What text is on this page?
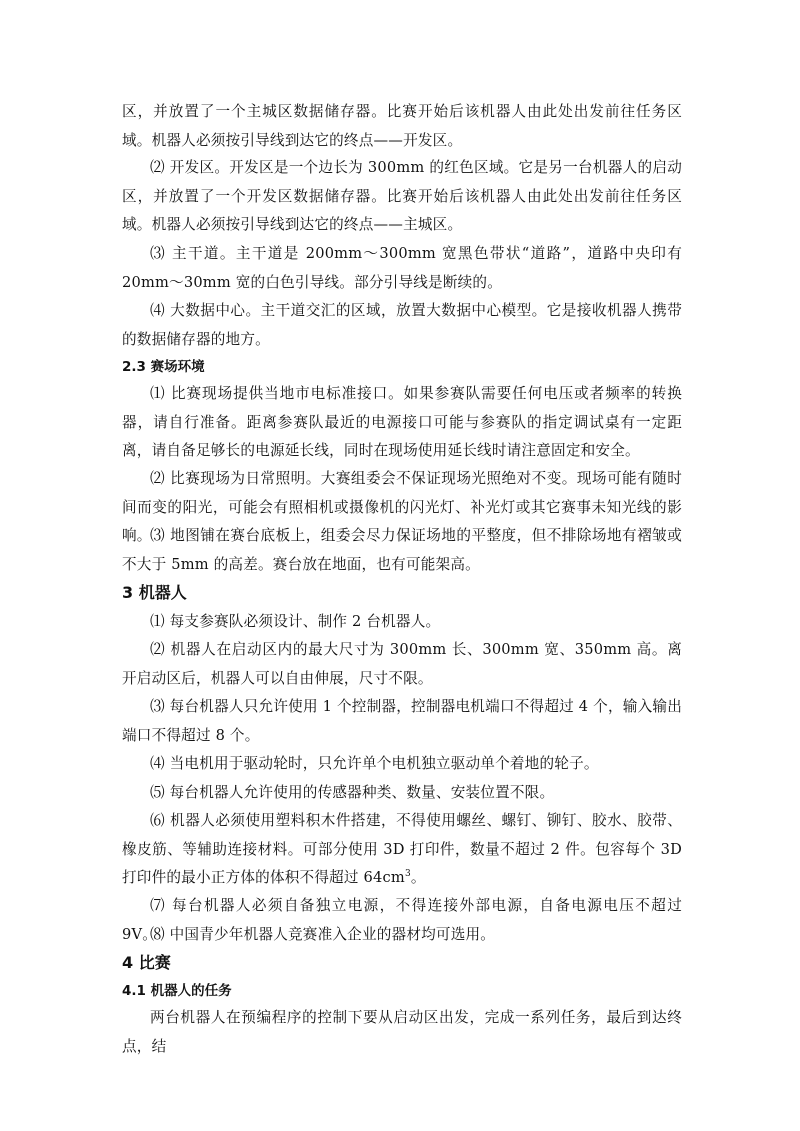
区，并放置了一个主城区数据储存器。比赛开始后该机器人由此处出发前往任务区域。机器人必须按引导线到达它的终点——开发区。

⑵ 开发区。开发区是一个边长为 300mm 的红色区域。它是另一台机器人的启动区，并放置了一个开发区数据储存器。比赛开始后该机器人由此处出发前往任务区域。机器人必须按引导线到达它的终点——主城区。

⑶ 主干道。主干道是 200mm～300mm 宽黑色带状“道路”，道路中央印有 20mm～30mm 宽的白色引导线。部分引导线是断续的。

⑷ 大数据中心。主干道交汇的区域，放置大数据中心模型。它是接收机器人携带的数据储存器的地方。

2.3 赛场环境

⑴ 比赛现场提供当地市电标准接口。如果参赛队需要任何电压或者频率的转换器，请自行准备。距离参赛队最近的电源接口可能与参赛队的指定调试桌有一定距离，请自备足够长的电源延长线，同时在现场使用延长线时请注意固定和安全。

⑵ 比赛现场为日常照明。大赛组委会不保证现场光照绝对不变。现场可能有随时间而变的阳光，可能会有照相机或摄像机的闪光灯、补光灯或其它赛事未知光线的影响。

⑶ 地图铺在赛台底板上，组委会尽力保证场地的平整度，但不排除场地有褶皱或不大于 5mm 的高差。赛台放在地面，也有可能架高。

3 机器人

⑴ 每支参赛队必须设计、制作 2 台机器人。

⑵ 机器人在启动区内的最大尺寸为 300mm 长、300mm 宽、350mm 高。离开启动区后，机器人可以自由伸展，尺寸不限。

⑶ 每台机器人只允许使用 1 个控制器，控制器电机端口不得超过 4 个，输入输出端口不得超过 8 个。

⑷ 当电机用于驱动轮时，只允许单个电机独立驱动单个着地的轮子。

⑸ 每台机器人允许使用的传感器种类、数量、安装位置不限。

⑹ 机器人必须使用塑料积木件搭建，不得使用螺丝、螺钉、铆钉、胶水、胶带、橡皮筋、等辅助连接材料。可部分使用 3D 打印件，数量不超过 2 件。包容每个 3D 打印件的最小正方体的体积不得超过 $64cm^3$。

⑺ 每台机器人必须自备独立电源，不得连接外部电源，自备电源电压不超过 9V。

⑻ 中国青少年机器人竞赛准入企业的器材均可选用。

4 比赛
4.1 机器人的任务

两台机器人在预编程序的控制下要从启动区出发，完成一系列任务，最后到达终点，结
